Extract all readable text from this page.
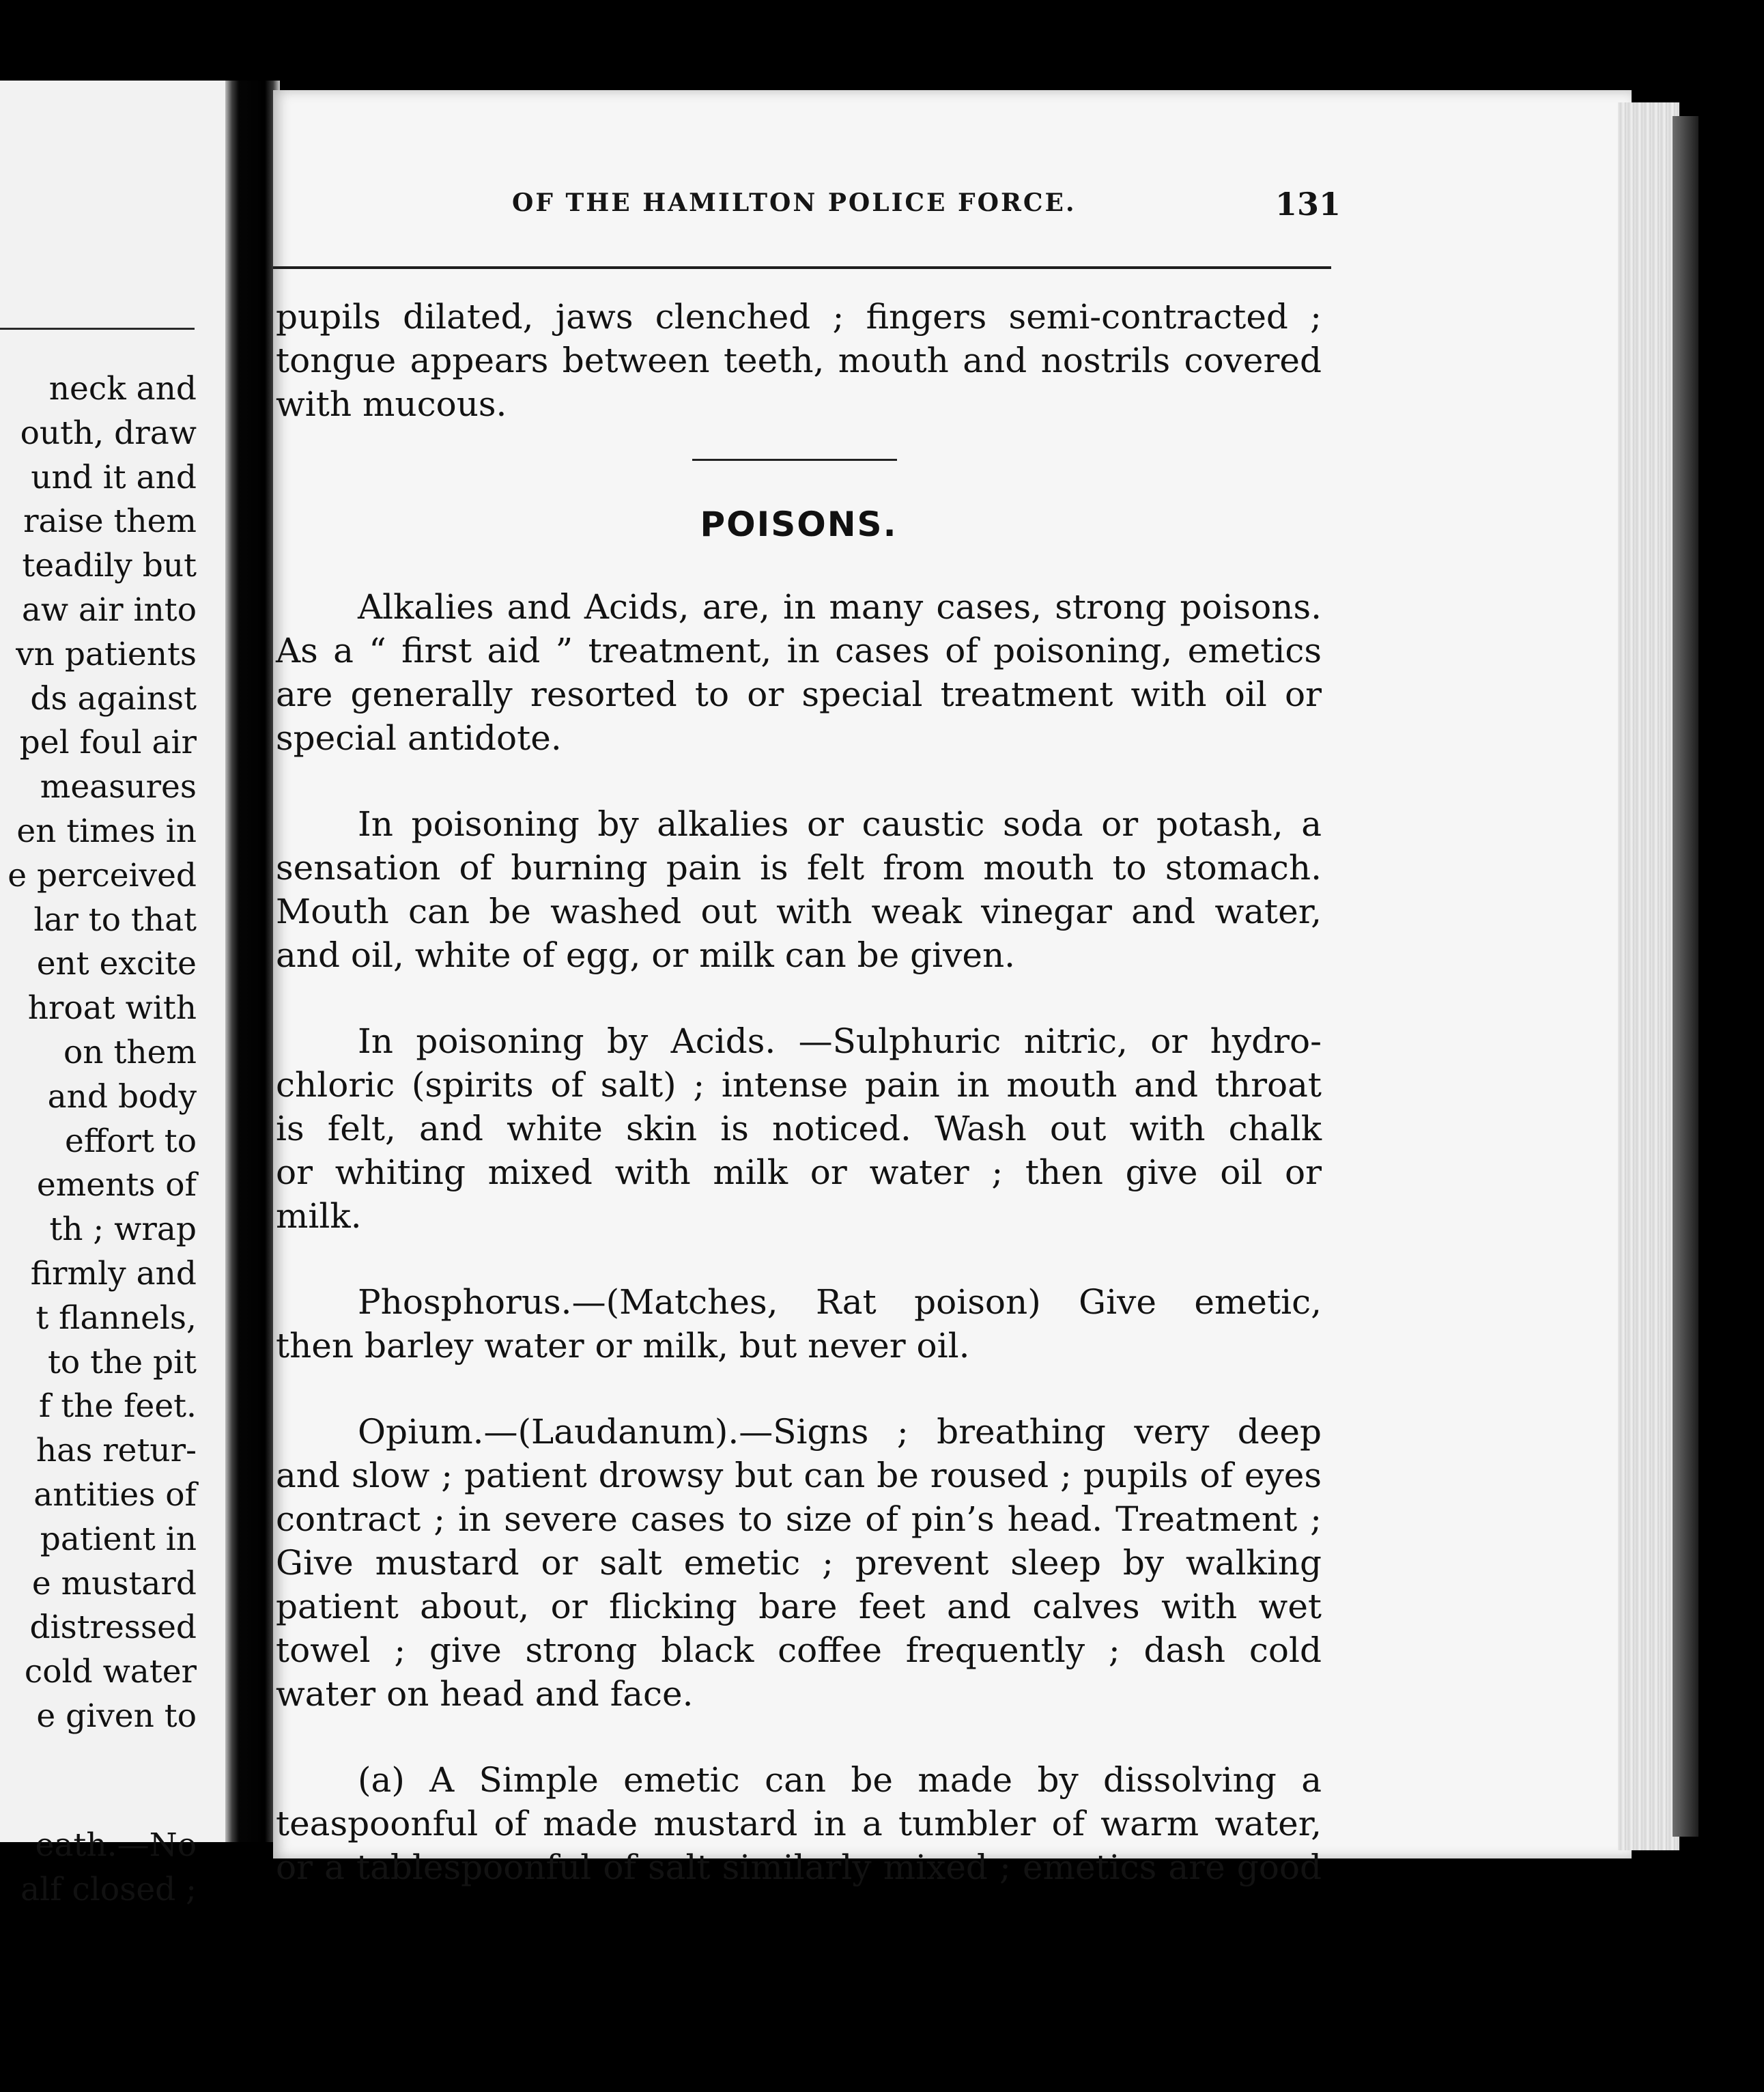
neck and
outh, draw
und it and
raise them
teadily but
aw air into
vn patients
ds against
pel foul air
measures
en times in
e perceived
lar to that
ent excite
hroat with
on them
and body
effort to
ements of
th ; wrap
firmly and
t flannels,
to the pit
f the feet.
has retur-
antities of
patient in
e mustard
distressed
cold water
e given to
eath.—No
alf closed ;
OF THE HAMILTON POLICE FORCE.	131
pupils dilated, jaws clenched ; fingers semi-contracted ;
tongue appears between teeth, mouth and nostrils covered
with mucous.
POISONS.
Alkalies and Acids, are, in many cases, strong poisons.
As a “ first aid ” treatment, in cases of poisoning, emetics
are generally resorted to or special treatment with oil or
special antidote.
In poisoning by alkalies or caustic soda or potash, a
sensation of burning pain is felt from mouth to stomach.
Mouth can be washed out with weak vinegar and water,
and oil, white of egg, or milk can be given.
In poisoning by Acids. —Sulphuric nitric, or hydro-
chloric (spirits of salt) ; intense pain in mouth and throat
is felt, and white skin is noticed. Wash out with chalk
or whiting mixed with milk or water ; then give oil or
milk.
Phosphorus.—(Matches, Rat poison) Give emetic,
then barley water or milk, but never oil.
Opium.—(Laudanum).—Signs ; breathing very deep
and slow ; patient drowsy but can be roused ; pupils of eyes
contract ; in severe cases to size of pin’s head. Treatment ;
Give mustard or salt emetic ; prevent sleep by walking
patient about, or flicking bare feet and calves with wet
towel ; give strong black coffee frequently ; dash cold
water on head and face.
(a) A Simple emetic can be made by dissolving a
teaspoonful of made mustard in a tumbler of warm water,
or a tablespoonful of salt similarly mixed ; emetics are good
